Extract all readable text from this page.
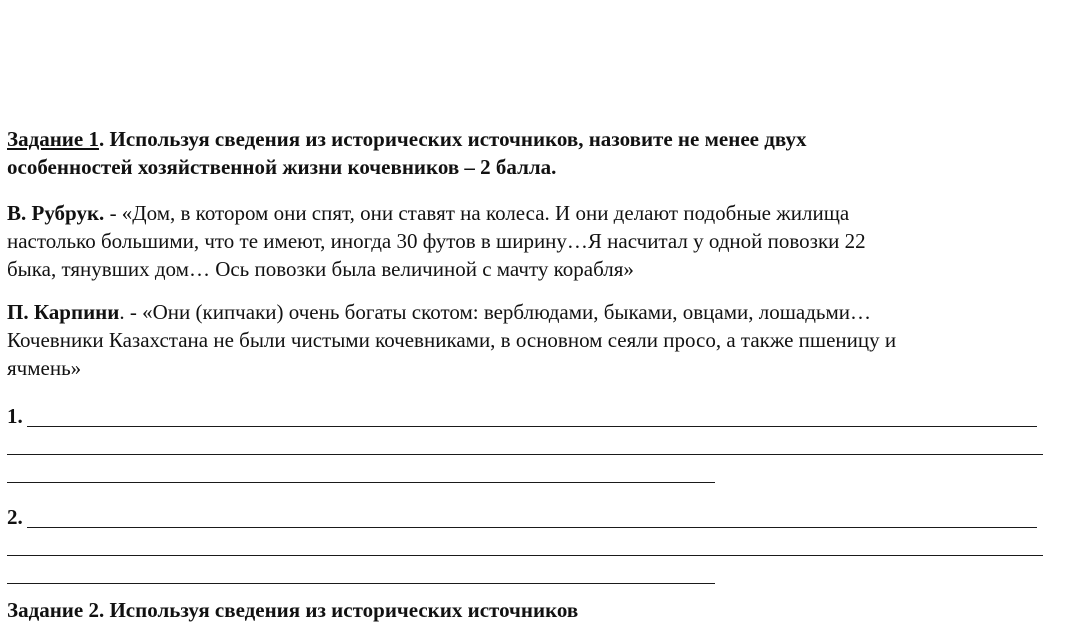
Задание 1. Используя сведения из исторических источников, назовите не менее двух
особенностей хозяйственной жизни кочевников – 2 балла.
В. Рубрук. - «Дом, в котором они спят, они ставят на колеса. И они делают подобные жилища
настолько большими, что те имеют, иногда 30 футов в ширину…Я насчитал у одной повозки 22
быка, тянувших дом… Ось повозки была величиной с мачту корабля»
П. Карпини. - «Они (кипчаки) очень богаты скотом: верблюдами, быками, овцами, лошадьми…
Кочевники Казахстана не были чистыми кочевниками, в основном сеяли просо, а также пшеницу и
ячмень»
1.
2.
Задание 2. Используя сведения из исторических источников
